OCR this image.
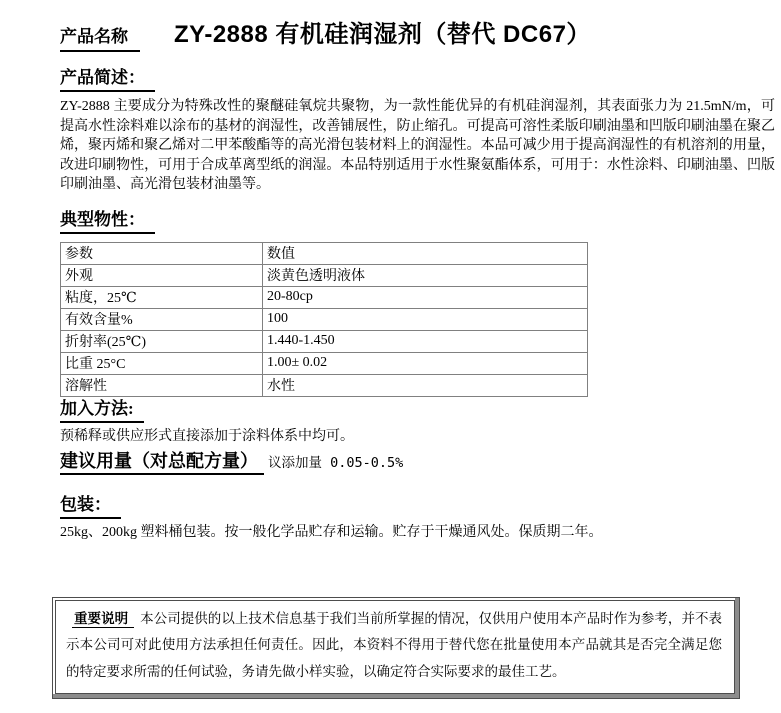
产品名称	ZY-2888 有机硅润湿剂（替代 DC67）
产品简述：

ZY-2888 主要成分为特殊改性的聚醚硅氧烷共聚物，为一款性能优异的有机硅润湿剂，其表面张力为 21.5mN/m，可提高水性涂料难以涂布的基材的润湿性，改善铺展性，防止缩孔。可提高可溶性柔版印刷油墨和凹版印刷油墨在聚乙烯，聚丙烯和聚乙烯对二甲苯酸酯等的高光滑包装材料上的润湿性。本品可减少用于提高润湿性的有机溶剂的用量，改进印刷物性，可用于合成革离型纸的润湿。本品特别适用于水性聚氨酯体系，可用于：水性涂料、印刷油墨、凹版印刷油墨、高光滑包装材油墨等。

典型物性：
参数	数值
外观	淡黄色透明液体
粘度，25℃	20-80cp
有效含量%	100
折射率(25℃)	1.440-1.450
比重 25°C	1.00± 0.02
溶解性	水性
加入方法:

预稀释或供应形式直接添加于涂料体系中均可。

建议用量（对总配方量） 议添加量 0.05-0.5%
包装：

25kg、200kg 塑料桶包装。按一般化学品贮存和运输。贮存于干燥通风处。保质期二年。

重要说明 本公司提供的以上技术信息基于我们当前所掌握的情况，仅供用户使用本产品时作为参考，并不表示本公司可对此使用方法承担任何责任。因此，本资料不得用于替代您在批量使用本产品就其是否完全满足您的特定要求所需的任何试验，务请先做小样实验，以确定符合实际要求的最佳工艺。
